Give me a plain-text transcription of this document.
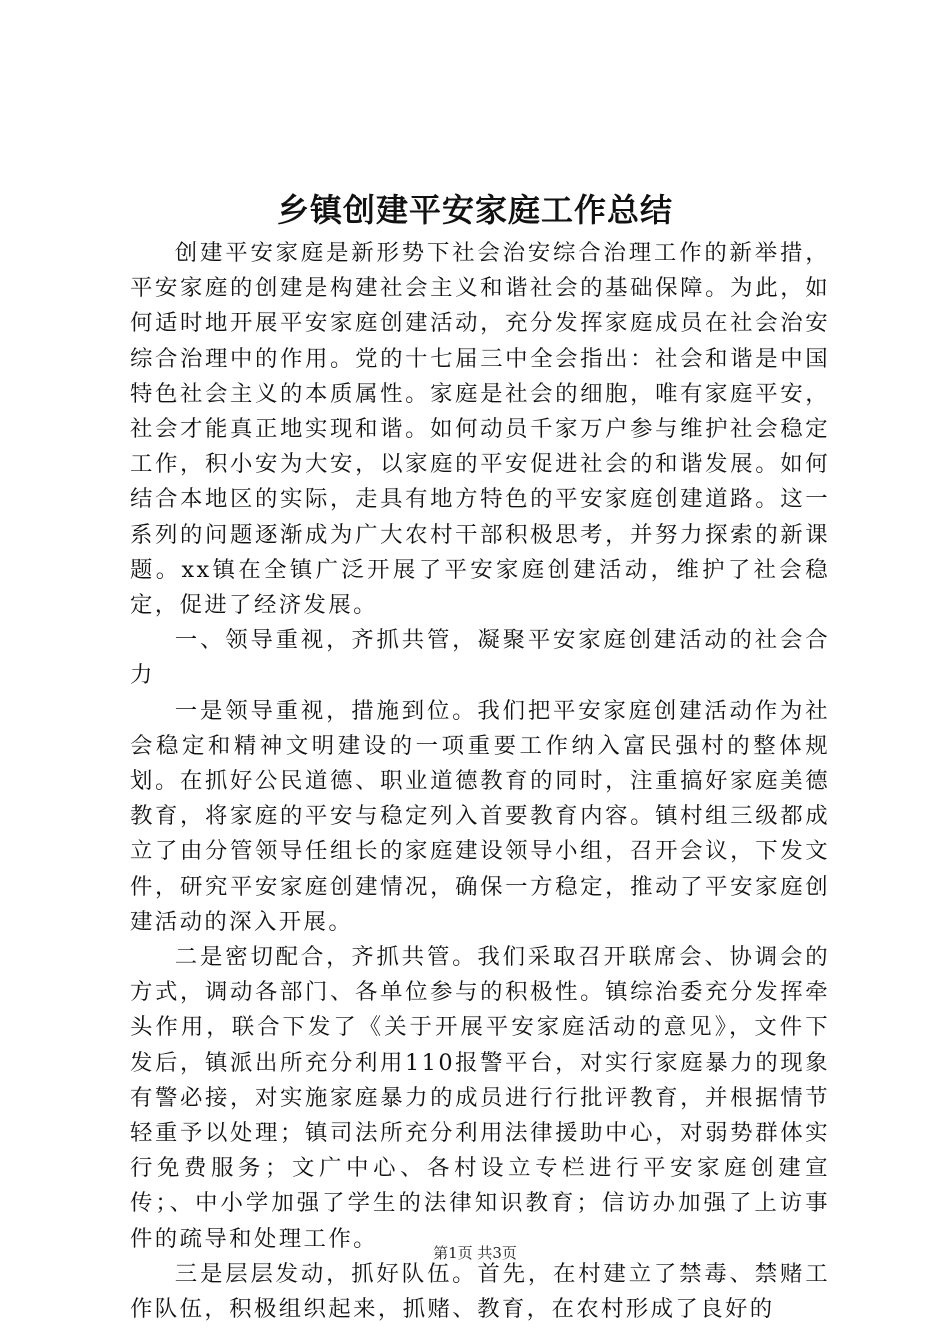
乡镇创建平安家庭工作总结

创建平安家庭是新形势下社会治安综合治理工作的新举措，平安家庭的创建是构建社会主义和谐社会的基础保障。为此，如何适时地开展平安家庭创建活动，充分发挥家庭成员在社会治安综合治理中的作用。党的十七届三中全会指出：社会和谐是中国特色社会主义的本质属性。家庭是社会的细胞，唯有家庭平安，社会才能真正地实现和谐。如何动员千家万户参与维护社会稳定工作，积小安为大安，以家庭的平安促进社会的和谐发展。如何结合本地区的实际，走具有地方特色的平安家庭创建道路。这一系列的问题逐渐成为广大农村干部积极思考，并努力探索的新课题。xx镇在全镇广泛开展了平安家庭创建活动，维护了社会稳定，促进了经济发展。

一、领导重视，齐抓共管，凝聚平安家庭创建活动的社会合力

一是领导重视，措施到位。我们把平安家庭创建活动作为社会稳定和精神文明建设的一项重要工作纳入富民强村的整体规划。在抓好公民道德、职业道德教育的同时，注重搞好家庭美德教育，将家庭的平安与稳定列入首要教育内容。镇村组三级都成立了由分管领导任组长的家庭建设领导小组，召开会议，下发文件，研究平安家庭创建情况，确保一方稳定，推动了平安家庭创建活动的深入开展。

二是密切配合，齐抓共管。我们采取召开联席会、协调会的方式，调动各部门、各单位参与的积极性。镇综治委充分发挥牵头作用，联合下发了《关于开展平安家庭活动的意见》，文件下发后，镇派出所充分利用110报警平台，对实行家庭暴力的现象有警必接，对实施家庭暴力的成员进行行批评教育，并根据情节轻重予以处理；镇司法所充分利用法律援助中心，对弱势群体实行免费服务；文广中心、各村设立专栏进行平安家庭创建宣传；、中小学加强了学生的法律知识教育；信访办加强了上访事件的疏导和处理工作。

三是层层发动，抓好队伍。首先，在村建立了禁毒、禁赌工作队伍，积极组织起来，抓赌、教育，在农村形成了良好的

第1页 共3页
